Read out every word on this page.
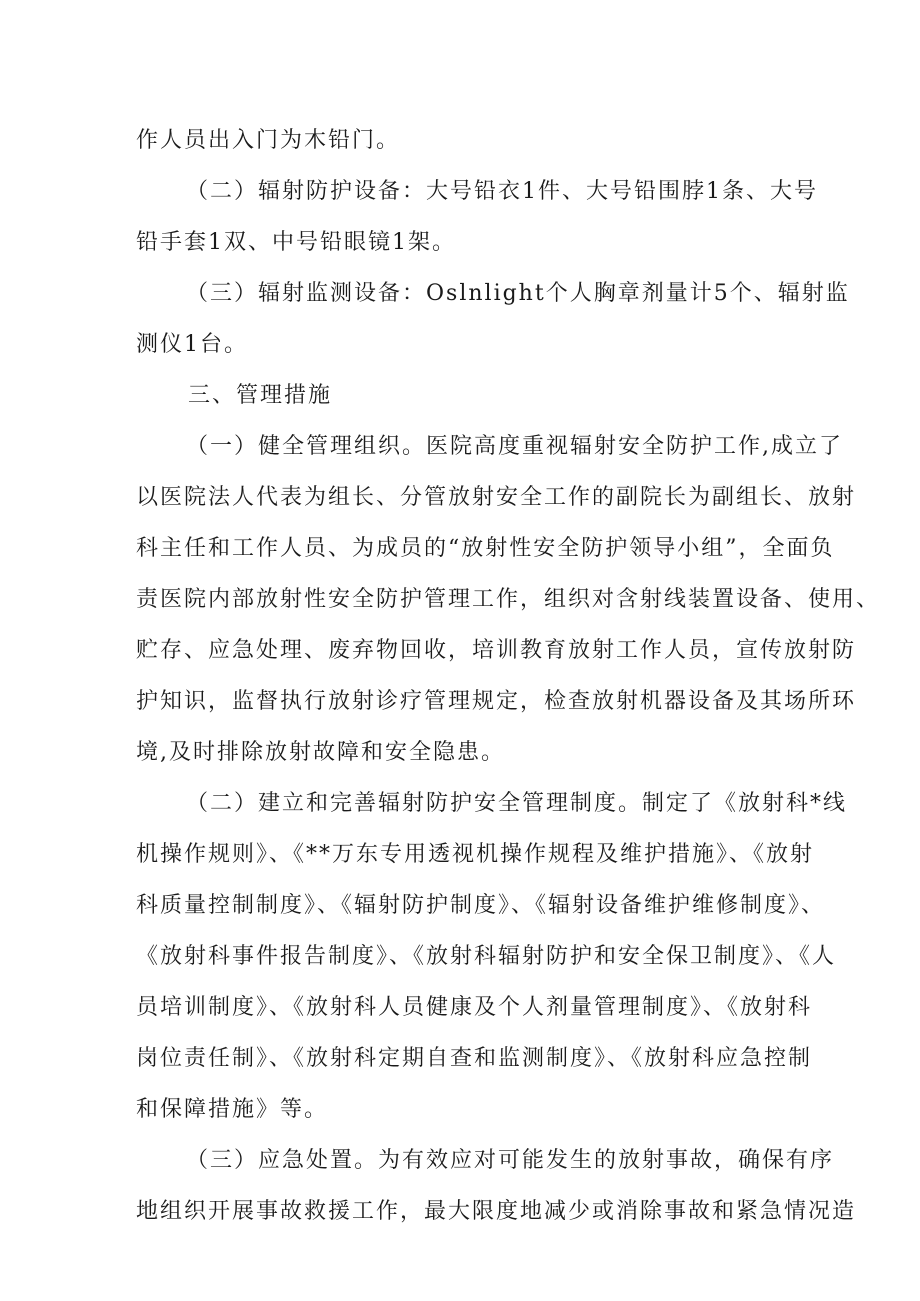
作人员出入门为木铅门。
（二）辐射防护设备：大号铅衣1件、大号铅围脖1条、大号
铅手套1双、中号铅眼镜1架。
（三）辐射监测设备：Oslnlight个人胸章剂量计5个、辐射监
测仪1台。
三、管理措施
（一）健全管理组织。医院高度重视辐射安全防护工作,成立了
以医院法人代表为组长、分管放射安全工作的副院长为副组长、放射
科主任和工作人员、为成员的“放射性安全防护领导小组”，全面负
责医院内部放射性安全防护管理工作，组织对含射线装置设备、使用、
贮存、应急处理、废弃物回收，培训教育放射工作人员，宣传放射防
护知识，监督执行放射诊疗管理规定，检查放射机器设备及其场所环
境,及时排除放射故障和安全隐患。
（二）建立和完善辐射防护安全管理制度。制定了《放射科*线
机操作规则》、《**万东专用透视机操作规程及维护措施》、《放射
科质量控制制度》、《辐射防护制度》、《辐射设备维护维修制度》、
《放射科事件报告制度》、《放射科辐射防护和安全保卫制度》、《人
员培训制度》、《放射科人员健康及个人剂量管理制度》、《放射科
岗位责任制》、《放射科定期自查和监测制度》、《放射科应急控制
和保障措施》等。
（三）应急处置。为有效应对可能发生的放射事故，确保有序
地组织开展事故救援工作，最大限度地减少或消除事故和紧急情况造
